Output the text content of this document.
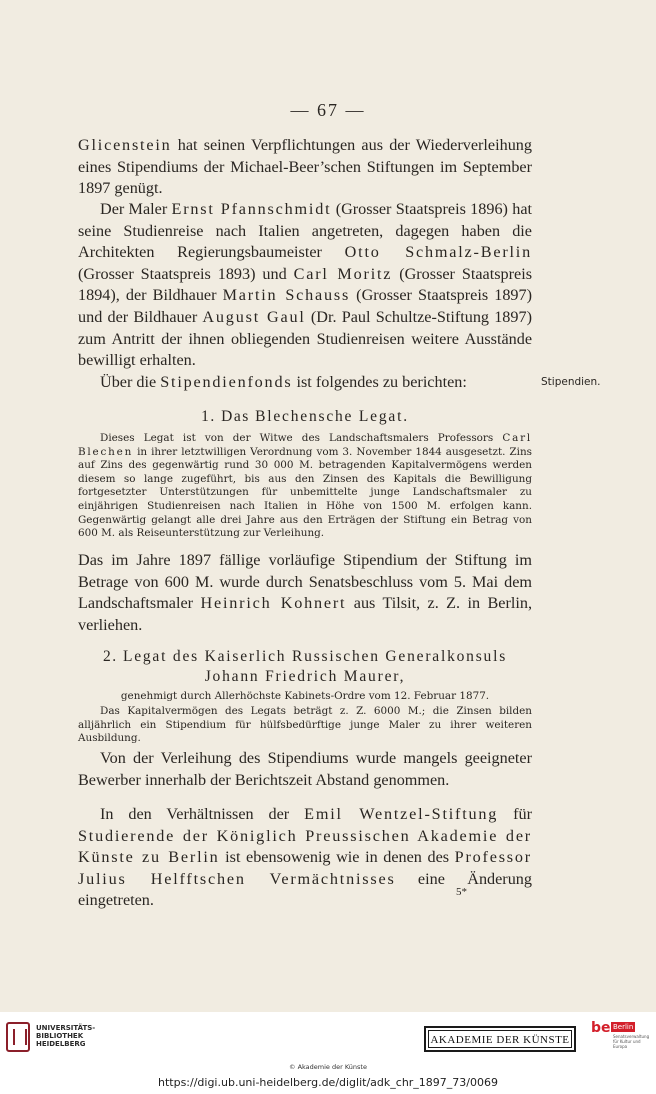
— 67 —
Glicenstein hat seinen Verpflichtungen aus der Wiederverleihung eines Stipendiums der Michael-Beer’schen Stiftungen im September 1897 genügt.
Der Maler Ernst Pfannschmidt (Grosser Staatspreis 1896) hat seine Studienreise nach Italien angetreten, dagegen haben die Architekten Regierungsbaumeister Otto Schmalz-Berlin (Grosser Staatspreis 1893) und Carl Moritz (Grosser Staatspreis 1894), der Bildhauer Martin Schauss (Grosser Staatspreis 1897) und der Bildhauer August Gaul (Dr. Paul Schultze-Stiftung 1897) zum Antritt der ihnen obliegenden Studienreisen weitere Ausstände bewilligt erhalten.
Über die Stipendienfonds ist folgendes zu berichten:	Stipendien.
1. Das Blechensche Legat.
Dieses Legat ist von der Witwe des Landschaftsmalers Professors Carl Blechen in ihrer letztwilligen Verordnung vom 3. November 1844 ausgesetzt. Zins auf Zins des gegenwärtig rund 30 000 M. betragenden Kapitalvermögens werden diesem so lange zugeführt, bis aus den Zinsen des Kapitals die Bewilligung fortgesetzter Unterstützungen für unbemittelte junge Landschaftsmaler zu einjährigen Studienreisen nach Italien in Höhe von 1500 M. erfolgen kann. Gegenwärtig gelangt alle drei Jahre aus den Erträgen der Stiftung ein Betrag von 600 M. als Reiseunterstützung zur Verleihung.
Das im Jahre 1897 fällige vorläufige Stipendium der Stiftung im Betrage von 600 M. wurde durch Senatsbeschluss vom 5. Mai dem Landschaftsmaler Heinrich Kohnert aus Tilsit, z. Z. in Berlin, verliehen.
2. Legat des Kaiserlich Russischen Generalkonsuls
Johann Friedrich Maurer,
genehmigt durch Allerhöchste Kabinets-Ordre vom 12. Februar 1877.
Das Kapitalvermögen des Legats beträgt z. Z. 6000 M.; die Zinsen bilden alljährlich ein Stipendium für hülfsbedürftige junge Maler zu ihrer weiteren Ausbildung.
Von der Verleihung des Stipendiums wurde mangels geeigneter Bewerber innerhalb der Berichtszeit Abstand genommen.
In den Verhältnissen der Emil Wentzel-Stiftung für Studierende der Königlich Preussischen Akademie der Künste zu Berlin ist ebensowenig wie in denen des Professor Julius Helfftschen Vermächtnisses eine Änderung eingetreten.	5*
UNIVERSITÄTS-
BIBLIOTHEK
HEIDELBERG	AKADEMIE DER KÜNSTE
be Berlin
Senatsverwaltung für Kultur und Europa
© Akademie der Künste
https://digi.ub.uni-heidelberg.de/diglit/adk_chr_1897_73/0069
